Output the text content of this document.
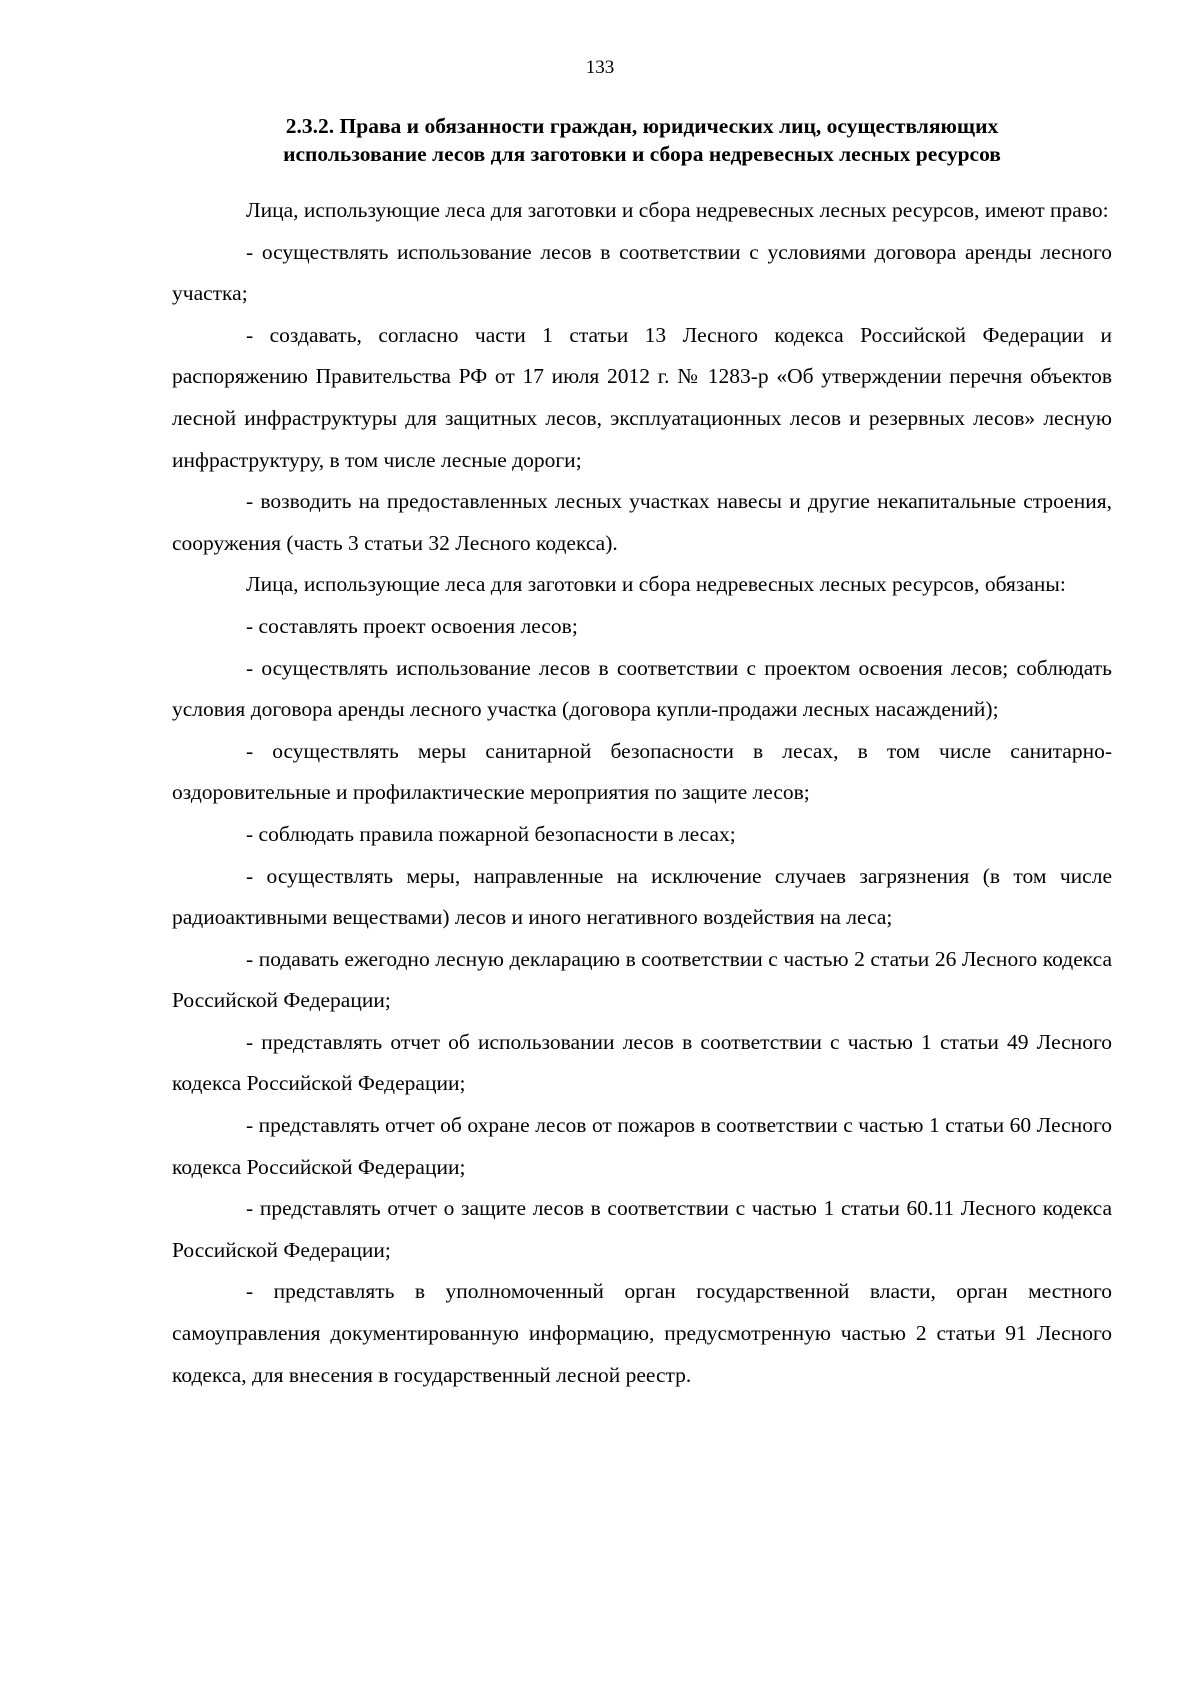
133
2.3.2. Права и обязанности граждан, юридических лиц, осуществляющих
использование лесов для заготовки и сбора недревесных лесных ресурсов

Лица, использующие леса для заготовки и сбора недревесных лесных ресурсов, имеют право:

- осуществлять использование лесов в соответствии с условиями договора аренды лесного участка;

- создавать, согласно части 1 статьи 13 Лесного кодекса Российской Федерации и распоряжению Правительства РФ от 17 июля 2012 г. № 1283-р «Об утверждении перечня объектов лесной инфраструктуры для защитных лесов, эксплуатационных лесов и резервных лесов» лесную инфраструктуру, в том числе лесные дороги;

- возводить на предоставленных лесных участках навесы и другие некапитальные строения, сооружения (часть 3 статьи 32 Лесного кодекса).

Лица, использующие леса для заготовки и сбора недревесных лесных ресурсов, обязаны:

- составлять проект освоения лесов;

- осуществлять использование лесов в соответствии с проектом освоения лесов; соблюдать условия договора аренды лесного участка (договора купли-продажи лесных насаждений);

- осуществлять меры санитарной безопасности в лесах, в том числе санитарно-оздоровительные и профилактические мероприятия по защите лесов;

- соблюдать правила пожарной безопасности в лесах;

- осуществлять меры, направленные на исключение случаев загрязнения (в том числе радиоактивными веществами) лесов и иного негативного воздействия на леса;

- подавать ежегодно лесную декларацию в соответствии с частью 2 статьи 26 Лесного кодекса Российской Федерации;

- представлять отчет об использовании лесов в соответствии с частью 1 статьи 49 Лесного кодекса Российской Федерации;

- представлять отчет об охране лесов от пожаров в соответствии с частью 1 статьи 60 Лесного кодекса Российской Федерации;

- представлять отчет о защите лесов в соответствии с частью 1 статьи 60.11 Лесного кодекса Российской Федерации;

- представлять в уполномоченный орган государственной власти, орган местного самоуправления документированную информацию, предусмотренную частью 2 статьи 91 Лесного кодекса, для внесения в государственный лесной реестр.
